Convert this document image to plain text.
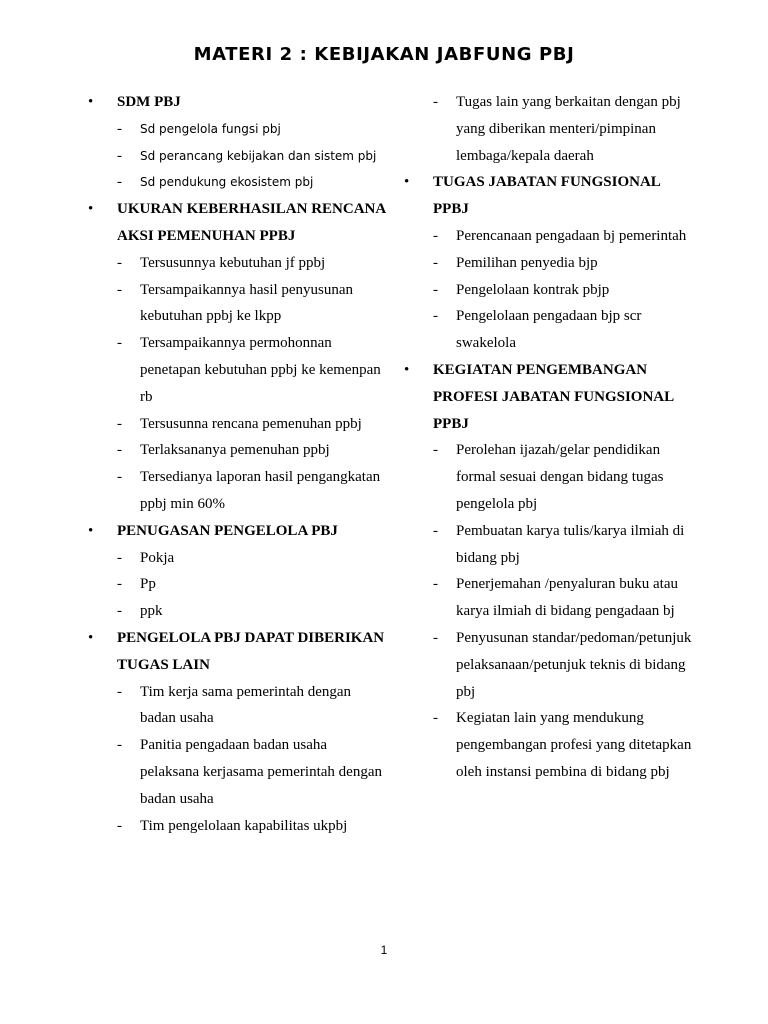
MATERI 2 : KEBIJAKAN JABFUNG PBJ
• SDM PBJ
- Sd pengelola fungsi pbj
- Sd perancang kebijakan dan sistem pbj
- Sd pendukung ekosistem pbj
• UKURAN KEBERHASILAN RENCANA AKSI PEMENUHAN PPBJ
- Tersusunnya kebutuhan jf ppbj
- Tersampaikannya hasil penyusunan kebutuhan ppbj ke lkpp
- Tersampaikannya permohonnan penetapan kebutuhan ppbj ke kemenpan rb
- Tersusunna rencana pemenuhan ppbj
- Terlaksananya pemenuhan ppbj
- Tersedianya laporan hasil pengangkatan ppbj min 60%
• PENUGASAN PENGELOLA PBJ
- Pokja
- Pp
- ppk
• PENGELOLA PBJ DAPAT DIBERIKAN TUGAS LAIN
- Tim kerja sama pemerintah dengan badan usaha
- Panitia pengadaan badan usaha pelaksana kerjasama pemerintah dengan badan usaha
- Tim pengelolaan kapabilitas ukpbj
- Tugas lain yang berkaitan dengan pbj yang diberikan menteri/pimpinan lembaga/kepala daerah
• TUGAS JABATAN FUNGSIONAL PPBJ
- Perencanaan pengadaan bj pemerintah
- Pemilihan penyedia bjp
- Pengelolaan kontrak pbjp
- Pengelolaan pengadaan bjp scr swakelola
• KEGIATAN PENGEMBANGAN PROFESI JABATAN FUNGSIONAL PPBJ
- Perolehan ijazah/gelar pendidikan formal sesuai dengan bidang tugas pengelola pbj
- Pembuatan karya tulis/karya ilmiah di bidang pbj
- Penerjemahan /penyaluran buku atau karya ilmiah di bidang pengadaan bj
- Penyusunan standar/pedoman/petunjuk pelaksanaan/petunjuk teknis di bidang pbj
- Kegiatan lain yang mendukung pengembangan profesi yang ditetapkan oleh instansi pembina di bidang pbj
1
